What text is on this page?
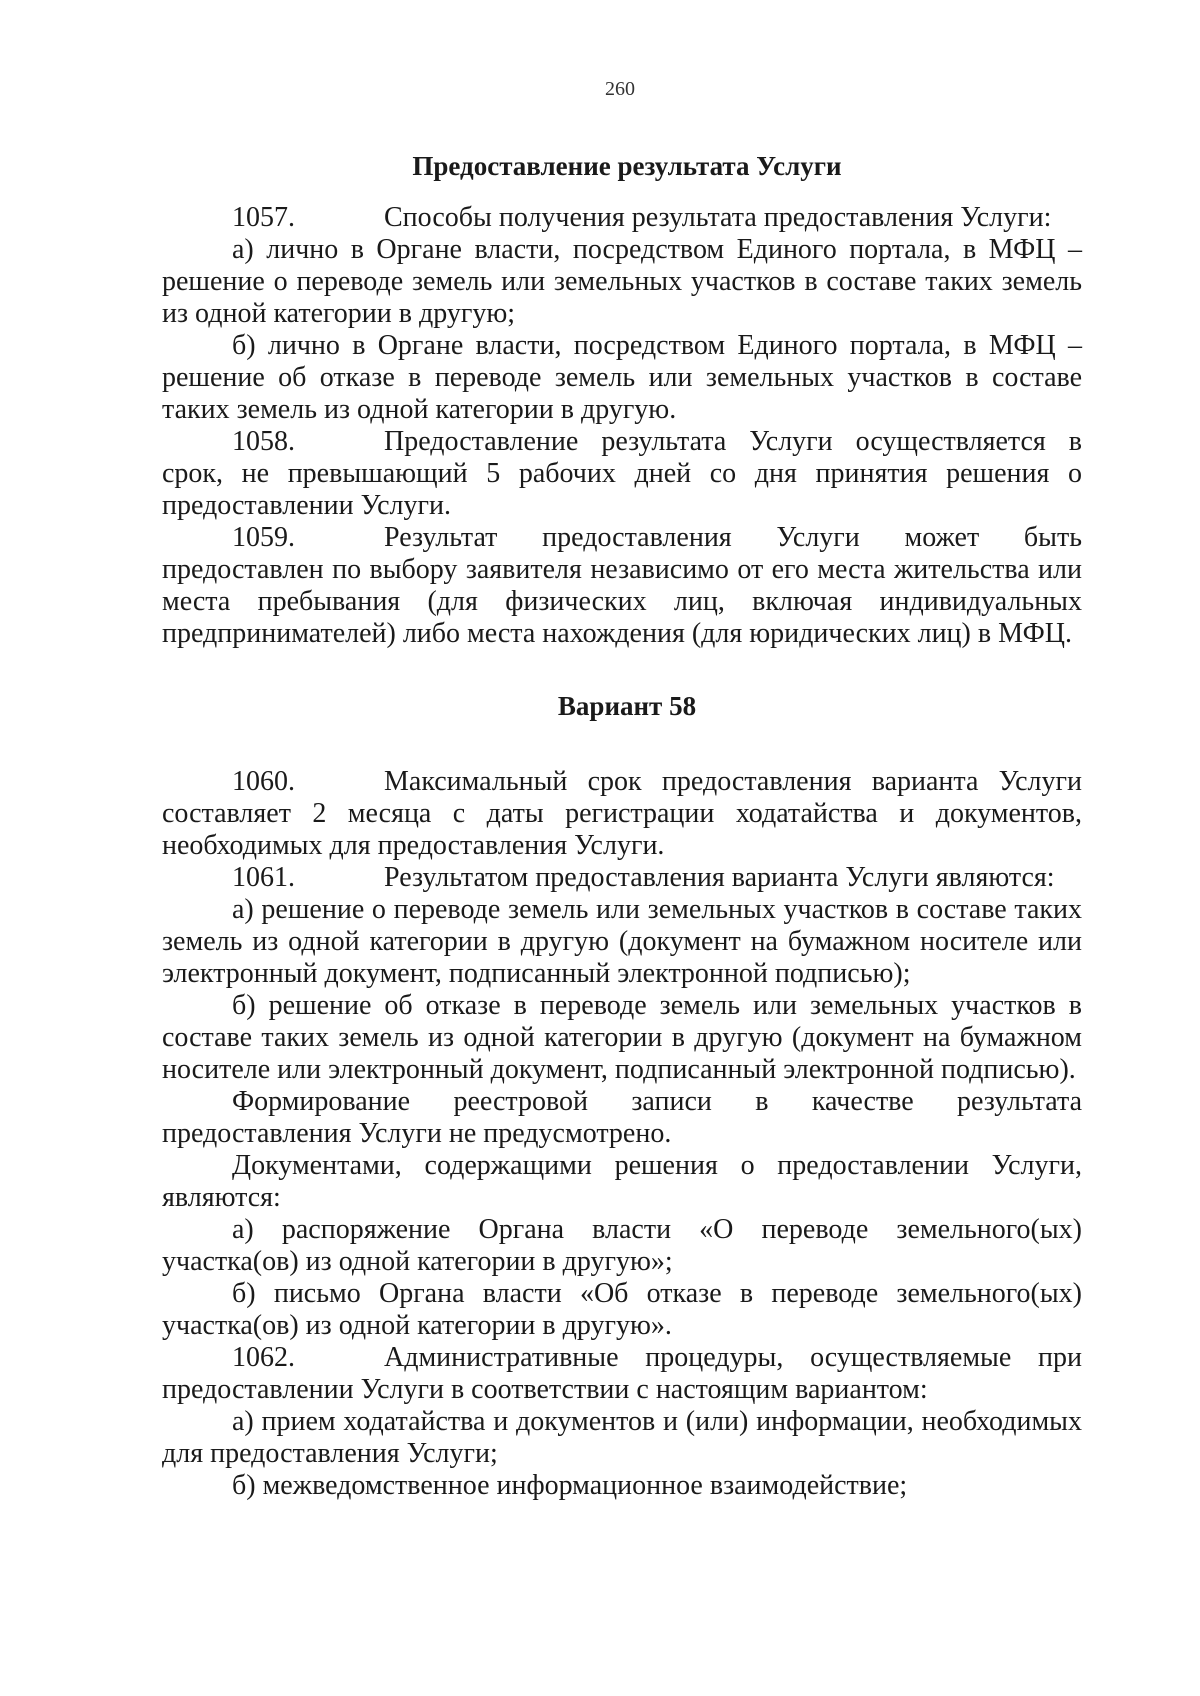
260
Предоставление результата Услуги

1057.	Способы получения результата предоставления Услуги:

а) лично в Органе власти, посредством Единого портала, в МФЦ – решение о переводе земель или земельных участков в составе таких земель из одной категории в другую;

б) лично в Органе власти, посредством Единого портала, в МФЦ – решение об отказе в переводе земель или земельных участков в составе таких земель из одной категории в другую.

1058.	Предоставление результата Услуги осуществляется в срок, не превышающий 5 рабочих дней со дня принятия решения о предоставлении Услуги.

1059.	Результат предоставления Услуги может быть предоставлен по выбору заявителя независимо от его места жительства или места пребывания (для физических лиц, включая индивидуальных предпринимателей) либо места нахождения (для юридических лиц) в МФЦ.

Вариант 58

1060.	Максимальный срок предоставления варианта Услуги составляет 2 месяца с даты регистрации ходатайства и документов, необходимых для предоставления Услуги.

1061.	Результатом предоставления варианта Услуги являются:

а) решение о переводе земель или земельных участков в составе таких земель из одной категории в другую (документ на бумажном носителе или электронный документ, подписанный электронной подписью);

б) решение об отказе в переводе земель или земельных участков в составе таких земель из одной категории в другую (документ на бумажном носителе или электронный документ, подписанный электронной подписью).

Формирование реестровой записи в качестве результата предоставления Услуги не предусмотрено.

Документами, содержащими решения о предоставлении Услуги, являются:

а) распоряжение Органа власти «О переводе земельного(ых) участка(ов) из одной категории в другую»;

б) письмо Органа власти «Об отказе в переводе земельного(ых) участка(ов) из одной категории в другую».

1062.	Административные процедуры, осуществляемые при предоставлении Услуги в соответствии с настоящим вариантом:

а) прием ходатайства и документов и (или) информации, необходимых для предоставления Услуги;

б) межведомственное информационное взаимодействие;
